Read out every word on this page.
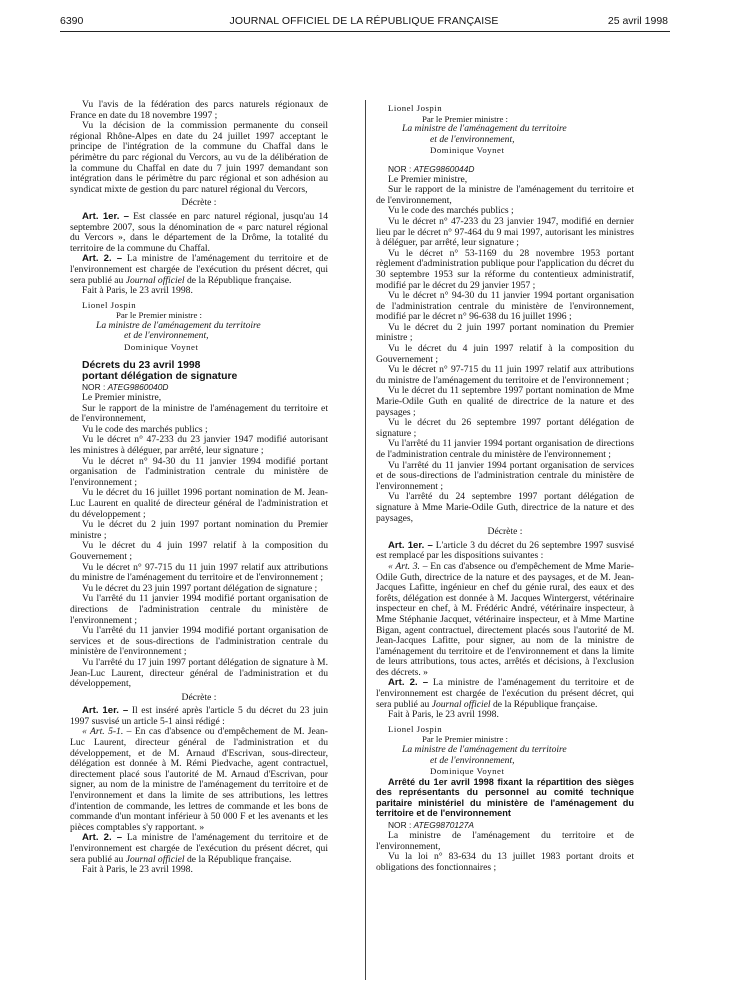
6390	JOURNAL OFFICIEL DE LA RÉPUBLIQUE FRANÇAISE	25 avril 1998

Vu l'avis de la fédération des parcs naturels régionaux de France en date du 18 novembre 1997 ;

Vu la décision de la commission permanente du conseil régional Rhône-Alpes en date du 24 juillet 1997 acceptant le principe de l'intégration de la commune du Chaffal dans le périmètre du parc régional du Vercors, au vu de la délibération de la commune du Chaffal en date du 7 juin 1997 demandant son intégration dans le périmètre du parc régional et son adhésion au syndicat mixte de gestion du parc naturel régional du Vercors,

Décrète :

Art. 1er. – Est classée en parc naturel régional, jusqu'au 14 septembre 2007, sous la dénomination de « parc naturel régional du Vercors », dans le département de la Drôme, la totalité du territoire de la commune du Chaffal.

Art. 2. – La ministre de l'aménagement du territoire et de l'environnement est chargée de l'exécution du présent décret, qui sera publié au Journal officiel de la République française.

Fait à Paris, le 23 avril 1998.

Lionel Jospin

Par le Premier ministre :

La ministre de l'aménagement du territoire

et de l'environnement,

Dominique Voynet

Décrets du 23 avril 1998

portant délégation de signature

NOR : ATEG9860040D

Le Premier ministre,

Sur le rapport de la ministre de l'aménagement du territoire et de l'environnement,

Vu le code des marchés publics ;

Vu le décret n° 47-233 du 23 janvier 1947 modifié autorisant les ministres à déléguer, par arrêté, leur signature ;

Vu le décret n° 94-30 du 11 janvier 1994 modifié portant organisation de l'administration centrale du ministère de l'environnement ;

Vu le décret du 16 juillet 1996 portant nomination de M. Jean-Luc Laurent en qualité de directeur général de l'administration et du développement ;

Vu le décret du 2 juin 1997 portant nomination du Premier ministre ;

Vu le décret du 4 juin 1997 relatif à la composition du Gouvernement ;

Vu le décret n° 97-715 du 11 juin 1997 relatif aux attributions du ministre de l'aménagement du territoire et de l'environnement ;

Vu le décret du 23 juin 1997 portant délégation de signature ;

Vu l'arrêté du 11 janvier 1994 modifié portant organisation de directions de l'administration centrale du ministère de l'environnement ;

Vu l'arrêté du 11 janvier 1994 modifié portant organisation de services et de sous-directions de l'administration centrale du ministère de l'environnement ;

Vu l'arrêté du 17 juin 1997 portant délégation de signature à M. Jean-Luc Laurent, directeur général de l'administration et du développement,

Décrète :

Art. 1er. – Il est inséré après l'article 5 du décret du 23 juin 1997 susvisé un article 5-1 ainsi rédigé :

« Art. 5-1. – En cas d'absence ou d'empêchement de M. Jean-Luc Laurent, directeur général de l'administration et du développement, et de M. Arnaud d'Escrivan, sous-directeur, délégation est donnée à M. Rémi Piedvache, agent contractuel, directement placé sous l'autorité de M. Arnaud d'Escrivan, pour signer, au nom de la ministre de l'aménagement du territoire et de l'environnement et dans la limite de ses attributions, les lettres d'intention de commande, les lettres de commande et les bons de commande d'un montant inférieur à 50 000 F et les avenants et les pièces comptables s'y rapportant. »

Art. 2. – La ministre de l'aménagement du territoire et de l'environnement est chargée de l'exécution du présent décret, qui sera publié au Journal officiel de la République française.

Fait à Paris, le 23 avril 1998.

Lionel Jospin

Par le Premier ministre :

La ministre de l'aménagement du territoire

et de l'environnement,

Dominique Voynet

NOR : ATEG9860044D

Le Premier ministre,

Sur le rapport de la ministre de l'aménagement du territoire et de l'environnement,

Vu le code des marchés publics ;

Vu le décret n° 47-233 du 23 janvier 1947, modifié en dernier lieu par le décret n° 97-464 du 9 mai 1997, autorisant les ministres à déléguer, par arrêté, leur signature ;

Vu le décret n° 53-1169 du 28 novembre 1953 portant règlement d'administration publique pour l'application du décret du 30 septembre 1953 sur la réforme du contentieux administratif, modifié par le décret du 29 janvier 1957 ;

Vu le décret n° 94-30 du 11 janvier 1994 portant organisation de l'administration centrale du ministère de l'environnement, modifié par le décret n° 96-638 du 16 juillet 1996 ;

Vu le décret du 2 juin 1997 portant nomination du Premier ministre ;

Vu le décret du 4 juin 1997 relatif à la composition du Gouvernement ;

Vu le décret n° 97-715 du 11 juin 1997 relatif aux attributions du ministre de l'aménagement du territoire et de l'environnement ;

Vu le décret du 11 septembre 1997 portant nomination de Mme Marie-Odile Guth en qualité de directrice de la nature et des paysages ;

Vu le décret du 26 septembre 1997 portant délégation de signature ;

Vu l'arrêté du 11 janvier 1994 portant organisation de directions de l'administration centrale du ministère de l'environnement ;

Vu l'arrêté du 11 janvier 1994 portant organisation de services et de sous-directions de l'administration centrale du ministère de l'environnement ;

Vu l'arrêté du 24 septembre 1997 portant délégation de signature à Mme Marie-Odile Guth, directrice de la nature et des paysages,

Décrète :

Art. 1er. – L'article 3 du décret du 26 septembre 1997 susvisé est remplacé par les dispositions suivantes :

« Art. 3. – En cas d'absence ou d'empêchement de Mme Marie-Odile Guth, directrice de la nature et des paysages, et de M. Jean-Jacques Lafitte, ingénieur en chef du génie rural, des eaux et des forêts, délégation est donnée à M. Jacques Wintergerst, vétérinaire inspecteur en chef, à M. Frédéric André, vétérinaire inspecteur, à Mme Stéphanie Jacquet, vétérinaire inspecteur, et à Mme Martine Bigan, agent contractuel, directement placés sous l'autorité de M. Jean-Jacques Lafitte, pour signer, au nom de la ministre de l'aménagement du territoire et de l'environnement et dans la limite de leurs attributions, tous actes, arrêtés et décisions, à l'exclusion des décrets. »

Art. 2. – La ministre de l'aménagement du territoire et de l'environnement est chargée de l'exécution du présent décret, qui sera publié au Journal officiel de la République française.

Fait à Paris, le 23 avril 1998.

Lionel Jospin

Par le Premier ministre :

La ministre de l'aménagement du territoire

et de l'environnement,

Dominique Voynet

Arrêté du 1er avril 1998 fixant la répartition des sièges des représentants du personnel au comité technique paritaire ministériel du ministère de l'aménagement du territoire et de l'environnement

NOR : ATEG9870127A

La ministre de l'aménagement du territoire et de l'environnement,

Vu la loi n° 83-634 du 13 juillet 1983 portant droits et obligations des fonctionnaires ;
